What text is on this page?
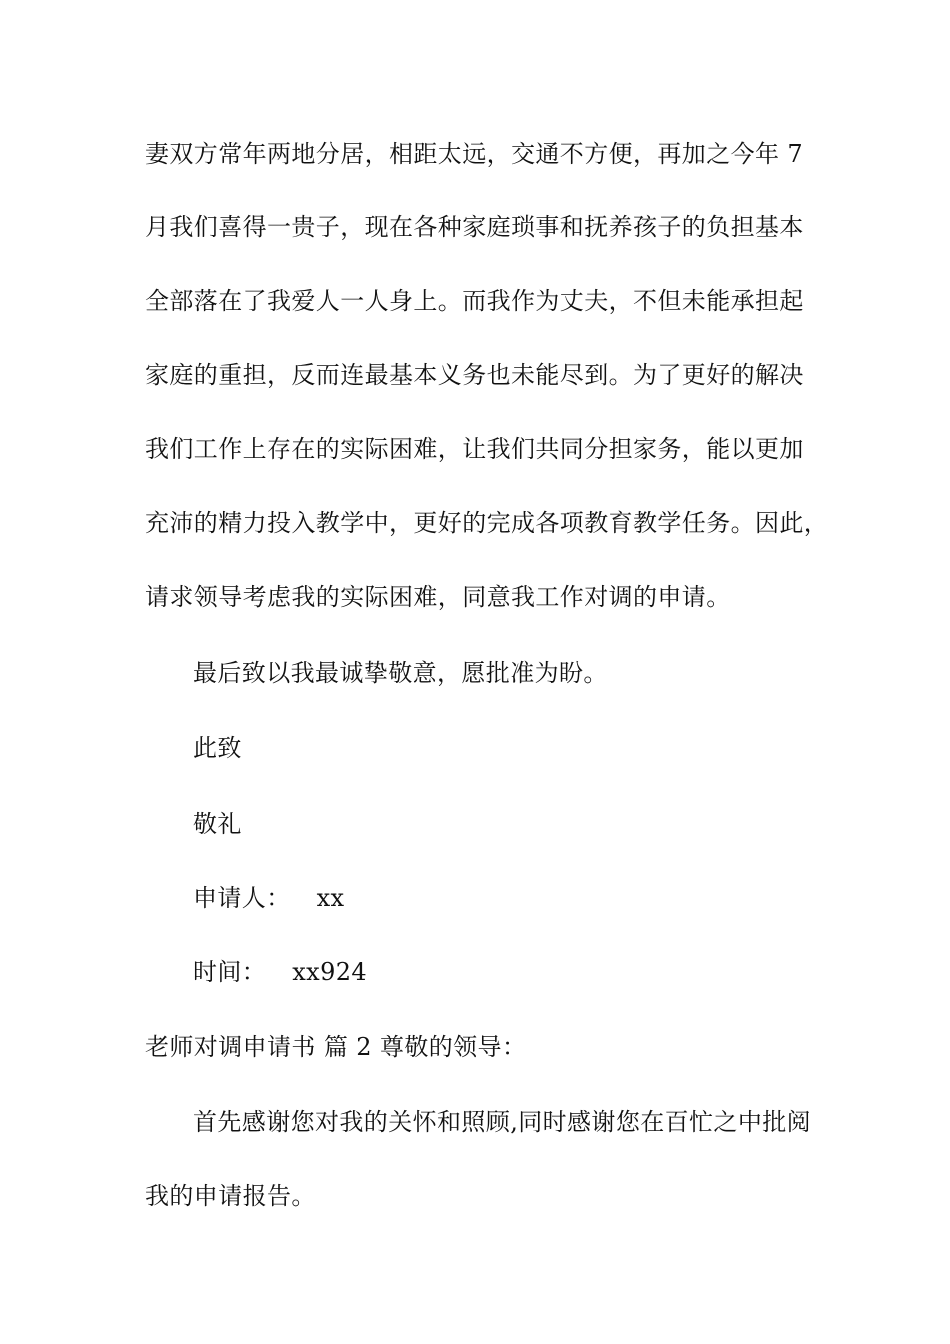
妻双方常年两地分居，相距太远，交通不方便，再加之今年 7
月我们喜得一贵子，现在各种家庭琐事和抚养孩子的负担基本
全部落在了我爱人一人身上。而我作为丈夫，不但未能承担起
家庭的重担，反而连最基本义务也未能尽到。为了更好的解决
我们工作上存在的实际困难，让我们共同分担家务，能以更加
充沛的精力投入教学中，更好的完成各项教育教学任务。因此，
请求领导考虑我的实际困难，同意我工作对调的申请。
最后致以我最诚挚敬意，愿批准为盼。
此致
敬礼
申请人： xx
时间： xx924
老师对调申请书 篇 2 尊敬的领导：
首先感谢您对我的关怀和照顾,同时感谢您在百忙之中批阅
我的申请报告。
